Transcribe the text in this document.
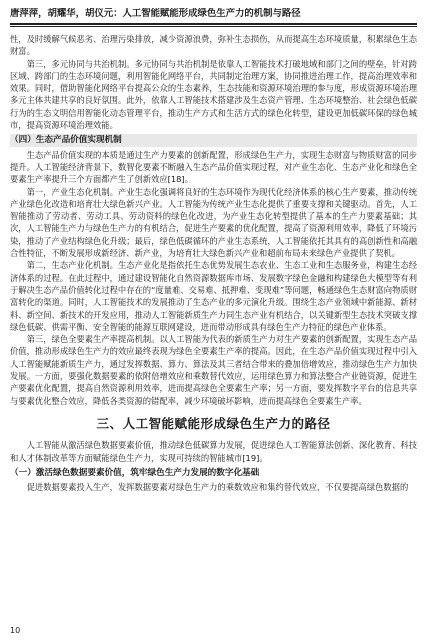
唐萍萍，胡耀华，胡仪元：人工智能赋能形成绿色生产力的机制与路径

性，及时缓解气候恶劣、治理污染排放，减少资源浪费，弥补生态损伤，从而提高生态环境质量，积累绿色生态财富。

第三，多元协同与共治机制。多元协同与共治机制是依靠人工智能技术打破地域和部门之间的壁垒，针对跨区域、跨部门的生态环境问题，利用智能化网络平台，共同制定治理方案，协同推进治理工作，提高治理效率和效果。同时，借助智能化网络平台提高公众的生态素养，生态技能和资源环境治理的参与度，形成资源环境治理多元主体共建共享的良好氛围。此外，依靠人工智能技术搭建涉及生态资产管理、生态环境整治、社会绿色低碳行为的生态文明信用智能化动态管理平台，推动生产方式和生活方式的绿色化转型，建设更加低碳环保的绿色城市，提高资源环境治理效能。

（四）生态产品价值实现机制

生态产品价值实现的本质是通过生产力要素的创新配置，形成绿色生产力，实现生态财富与物质财富的同步提升。人工智能经济背景下，数智化要素不断融入生态产品价值实现过程，对产业生态化、生态产业化和绿色全要素生产率提升三个方面都产生了创新效应[18]。

第一，产业生态化机制。产业生态化强调将良好的生态环境作为现代化经济体系的核心生产要素，推动传统产业绿色化改造和培育壮大绿色新兴产业。人工智能为传统产业生态化提供了重要支撑和关键驱动。首先，人工智能推动了劳动者、劳动工具、劳动资料的绿色化改进，为产业生态化转型提供了基本的生产力要素基础；其次，人工智能生产力与绿色生产力的有机结合，促进生产要素的优化配置，提高了资源利用效率，降低了环境污染，推动了产业结构绿色化升级；最后，绿色低碳循环的产业生态系统，人工智能依托其具有的高创新性和高融合性特征，不断发展形成新经济、新产业，为培育壮大绿色新兴产业和超前布局未来绿色产业提供了契机。

第二，生态产业化机制。生态产业化是指依托生态优势发展生态农业、生态工业和生态服务业，构建生态经济体系的过程。在此过程中，通过建设智能化自然资源数据库市场、发展数字绿色金融和构建绿色大模型等有利于解决生态产品价值转化过程中存在的“度量难、交易难、抵押难、变现难”等问题，畅通绿色生态财富向物质财富转化的渠道。同时，人工智能技术的发展推动了生态产业的多元演化升级。围绕生态产业领域中新能源、新材料、新空间、新技术的开发应用，推动人工智能新质生产力同生态产业有机结合，以关键新型生态技术突破支撑绿色低碳、供需平衡、安全智能的能源互联网建设，进而带动形成具有绿色生产力特征的绿色产业体系。

第三，绿色全要素生产率提高机制。以人工智能为代表的新质生产力对生产要素的创新配置，实现生态产品价值，推动形成绿色生产力的效应最终表现为绿色全要素生产率的提高。因此，在生态产品价值实现过程中引入人工智能赋能新质生产力，通过发挥数据、算力、算法及其三者结合带来的叠加倍增效应，推动绿色生产力加快发展。一方面，要强化数据要素的依附倍增效应和乘数替代效应，运用绿色算力和算法整合产业链资源，促进生产要素优化配置，提高自然资源利用效率，进而提高绿色全要素生产率；另一方面，要发挥数字平台的信息共享与要素优化整合效应，降低各类资源的错配率，减少环境破坏影响，进而提高绿色全要素生产率。

三、人工智能赋能形成绿色生产力的路径

人工智能从激活绿色数据要素价值，推动绿色低碳算力发展，促进绿色人工智能算法创新、深化教育、科技和人才体制改革等方面赋能绿色生产力，实现可持续的智能城市[19]。

（一）激活绿色数据要素价值，筑牢绿色生产力发展的数字化基础

促进数据要素投入生产，发挥数据要素对绿色生产力的乘数效应和集约替代效应，不仅要提高绿色数据的

10
